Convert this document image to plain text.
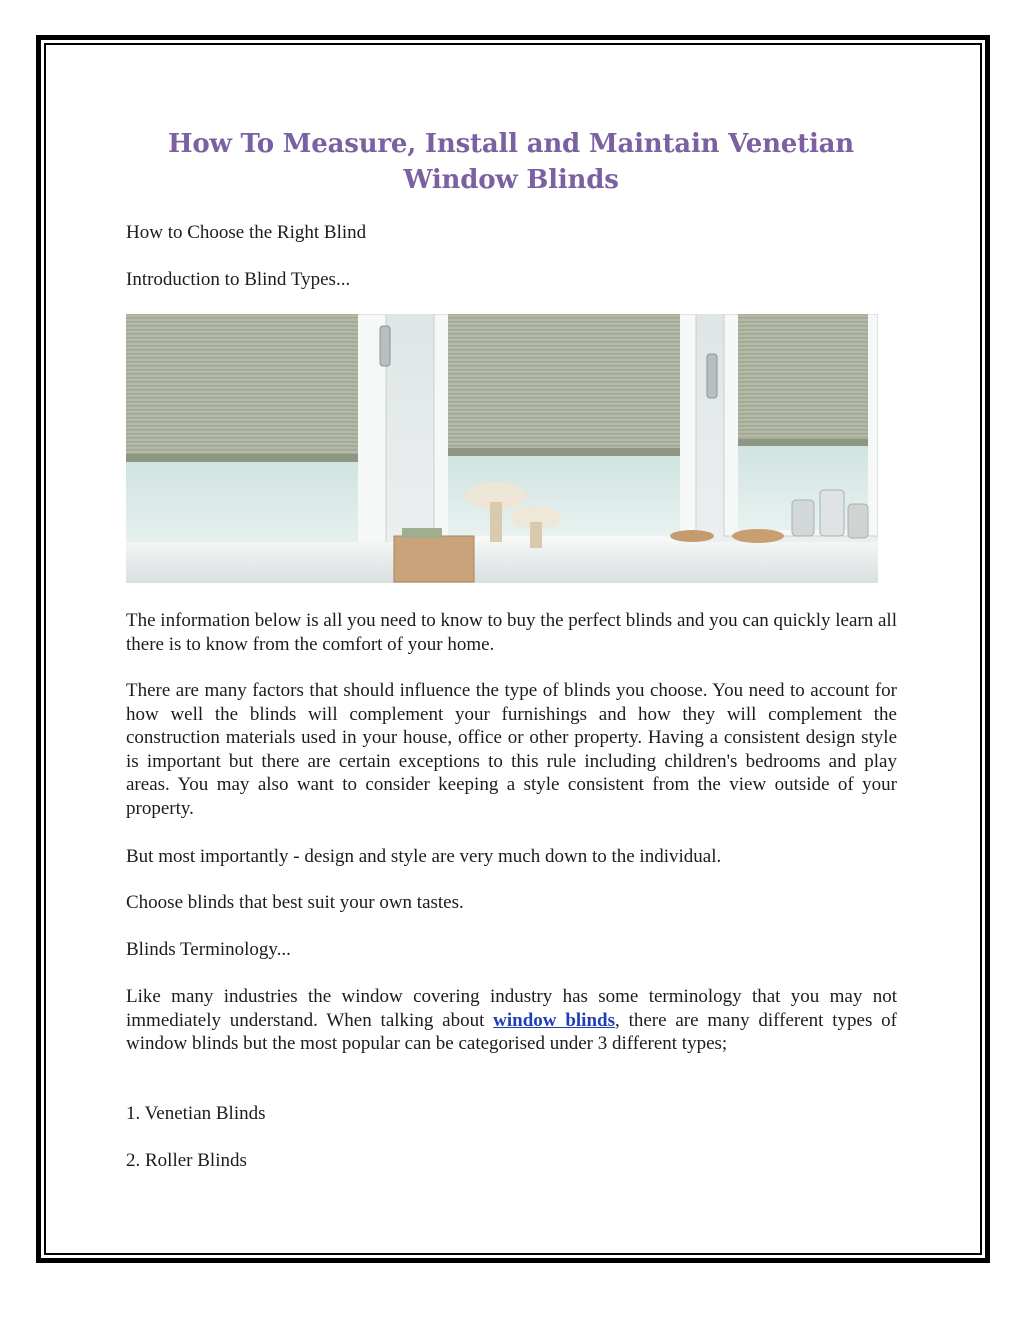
How To Measure, Install and Maintain Venetian Window Blinds

How to Choose the Right Blind

Introduction to Blind Types...

The information below is all you need to know to buy the perfect blinds and you can quickly learn all there is to know from the comfort of your home.

There are many factors that should influence the type of blinds you choose. You need to account for how well the blinds will complement your furnishings and how they will complement the construction materials used in your house, office or other property. Having a consistent design style is important but there are certain exceptions to this rule including children's bedrooms and play areas. You may also want to consider keeping a style consistent from the view outside of your property.

But most importantly - design and style are very much down to the individual.

Choose blinds that best suit your own tastes.

Blinds Terminology...

Like many industries the window covering industry has some terminology that you may not immediately understand. When talking about window blinds, there are many different types of window blinds but the most popular can be categorised under 3 different types;

1. Venetian Blinds

2. Roller Blinds
